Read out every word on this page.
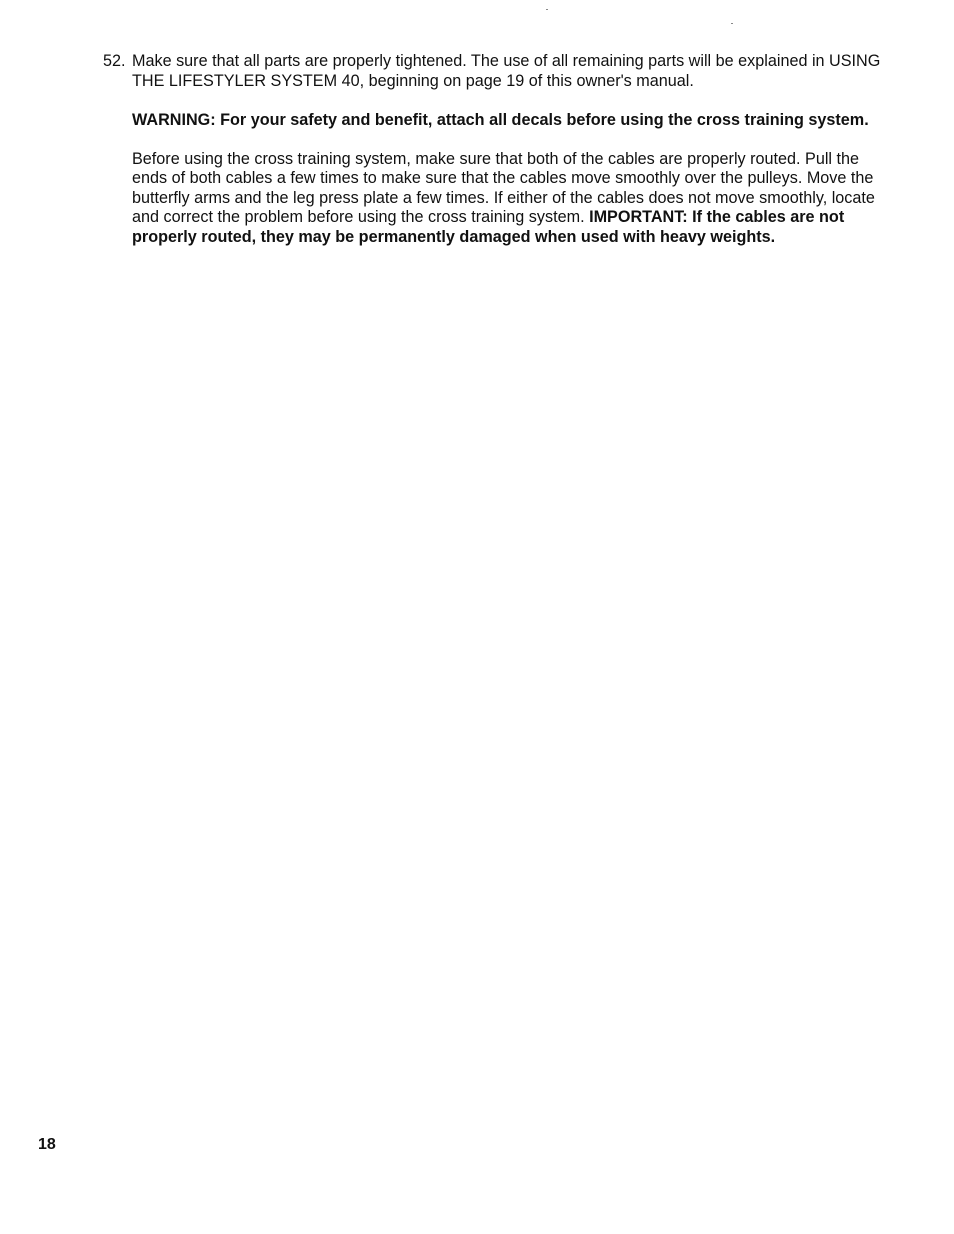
52. Make sure that all parts are properly tightened. The use of all remaining parts will be explained in USING THE LIFESTYLER SYSTEM 40, beginning on page 19 of this owner's manual.

WARNING: For your safety and benefit, attach all decals before using the cross training system.

Before using the cross training system, make sure that both of the cables are properly routed. Pull the ends of both cables a few times to make sure that the cables move smoothly over the pulleys. Move the butterfly arms and the leg press plate a few times. If either of the cables does not move smoothly, locate and correct the problem before using the cross training system. IMPORTANT: If the cables are not properly routed, they may be permanently damaged when used with heavy weights.

18
